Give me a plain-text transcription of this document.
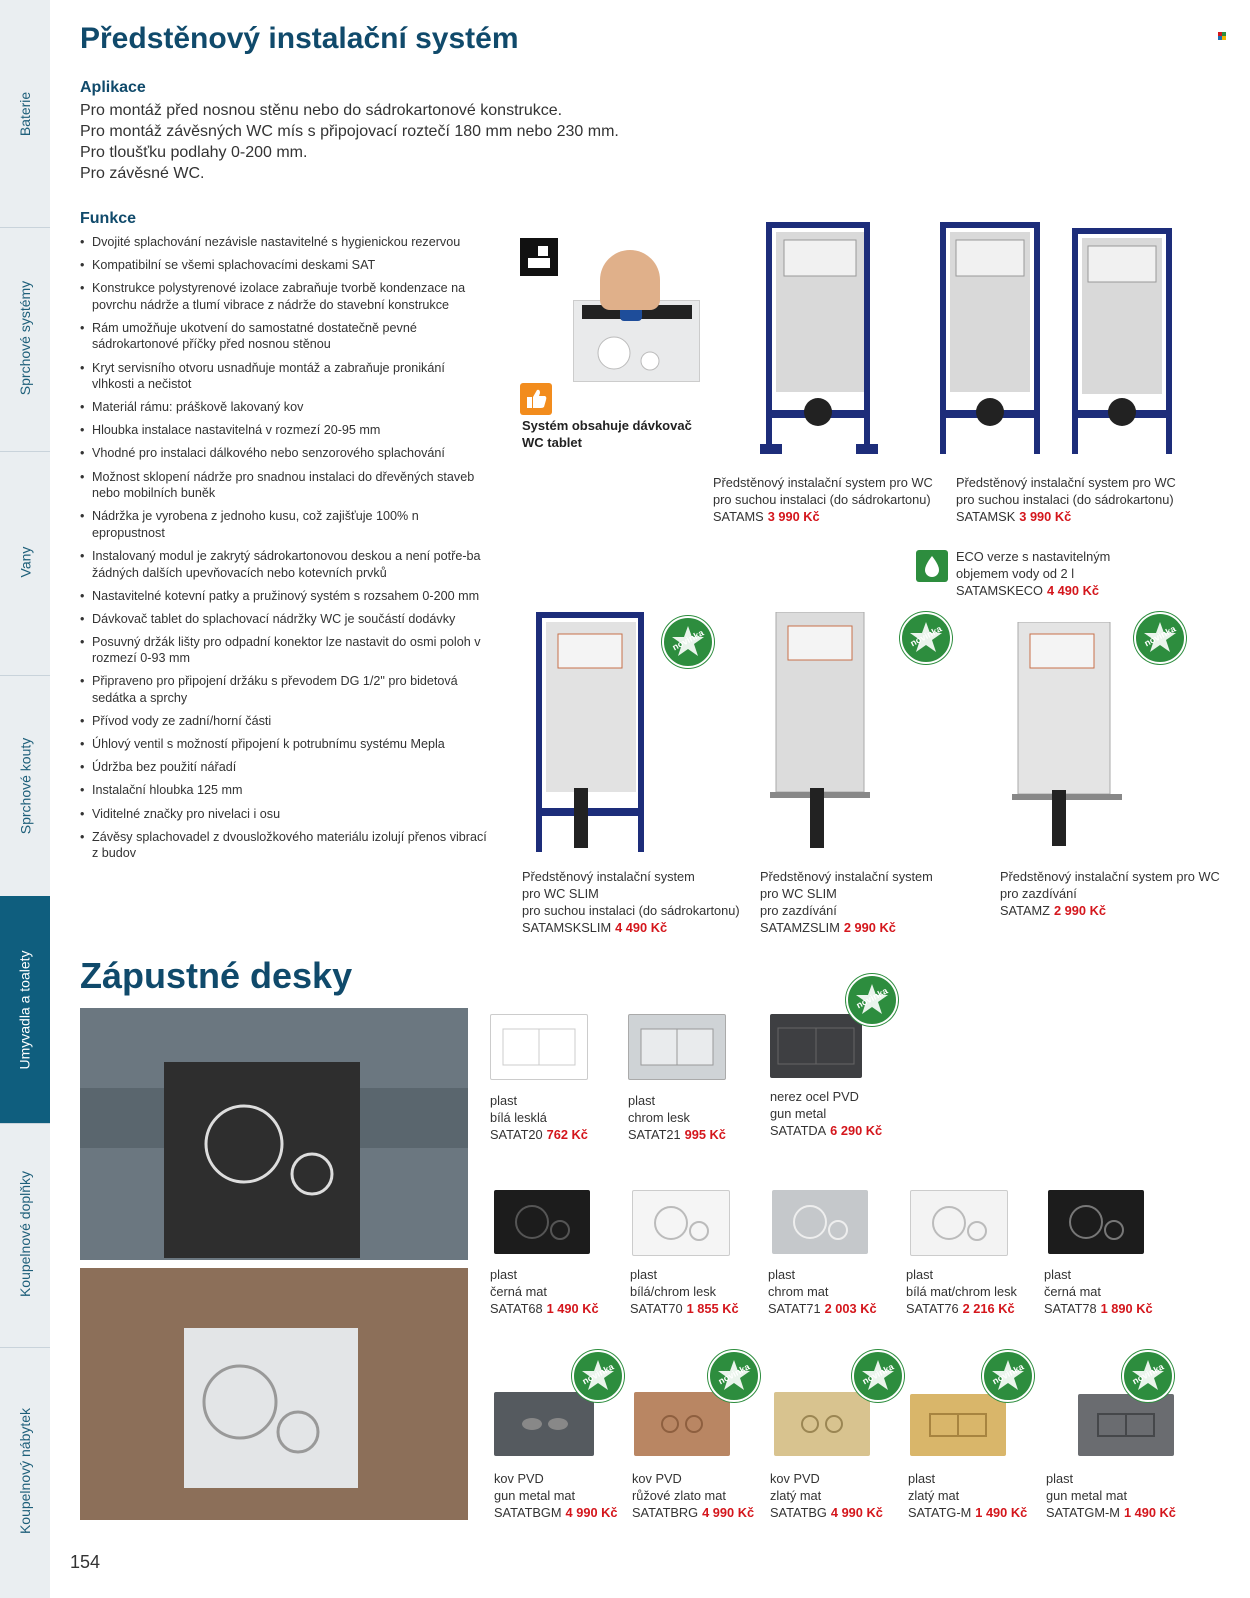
Baterie
Sprchové systémy
Vany
Sprchové kouty
Umyvadla a toalety
Koupelnové doplňky
Koupelnový nábytek
Předstěnový instalační systém
Aplikace
Pro montáž před nosnou stěnu nebo do sádrokartonové konstrukce.
Pro montáž závěsných WC mís s připojovací roztečí 180 mm nebo 230 mm.
Pro tloušťku podlahy 0-200 mm.
Pro závěsné WC.
Funkce
• Dvojité splachování nezávisle nastavitelné s hygienickou rezervou
• Kompatibilní se všemi splachovacími deskami SAT
• Konstrukce polystyrenové izolace zabraňuje tvorbě kondenzace na povrchu nádrže a tlumí vibrace z nádrže do stavební konstrukce
• Rám umožňuje ukotvení do samostatné dostatečně pevné sádrokartonové příčky před nosnou stěnou
• Kryt servisního otvoru usnadňuje montáž a zabraňuje pronikání vlhkosti a nečistot
• Materiál rámu: práškově lakovaný kov
• Hloubka instalace nastavitelná v rozmezí 20-95 mm
• Vhodné pro instalaci dálkového nebo senzorového splachování
• Možnost sklopení nádrže pro snadnou instalaci do dřevěných staveb nebo mobilních buněk
• Nádržka je vyrobena z jednoho kusu, což zajišťuje 100% n epropustnost
• Instalovaný modul je zakrytý sádrokartonovou deskou a není potře-ba žádných dalších upevňovacích nebo kotevních prvků
• Nastavitelné kotevní patky a pružinový systém s rozsahem 0-200 mm
• Dávkovač tablet do splachovací nádržky WC je součástí dodávky
• Posuvný držák lišty pro odpadní konektor lze nastavit do osmi poloh v rozmezí 0-93 mm
• Připraveno pro připojení držáku s převodem DG 1/2" pro bidetová sedátka a sprchy
• Přívod vody ze zadní/horní části
• Úhlový ventil s možností připojení k potrubnímu systému Mepla
• Údržba bez použití nářadí
• Instalační hloubka 125 mm
• Viditelné značky pro nivelaci i osu
• Závěsy splachovadel z dvousložkového materiálu izolují přenos vibrací z budov
Systém obsahuje dávkovač
WC tablet
Předstěnový instalační system pro WC
pro suchou instalaci (do sádrokartonu)
SATAMS 3 990 Kč
Předstěnový instalační system pro WC
pro suchou instalaci (do sádrokartonu)
SATAMSK 3 990 Kč
ECO verze s nastavitelným
objemem vody od 2 l
SATAMSKECO 4 490 Kč
novinka	novinka	novinka
Předstěnový instalační system
pro WC SLIM
pro suchou instalaci (do sádrokartonu)
SATAMSKSLIM 4 490 Kč
Předstěnový instalační system
pro WC SLIM
pro zazdívání
SATAMZSLIM 2 990 Kč
Předstěnový instalační system pro WC
pro zazdívání
SATAMZ 2 990 Kč
Zápustné desky
novinka
plast
bílá lesklá
SATAT20 762 Kč
plast
chrom lesk
SATAT21 995 Kč
nerez ocel PVD
gun metal
SATATDA 6 290 Kč
plast
černá mat
SATAT68 1 490 Kč
plast
bílá/chrom lesk
SATAT70 1 855 Kč
plast
chrom mat
SATAT71 2 003 Kč
plast
bílá mat/chrom lesk
SATAT76 2 216 Kč
plast
černá mat
SATAT78 1 890 Kč
novinka	novinka	novinka	novinka	novinka
kov PVD
gun metal mat
SATATBGM 4 990 Kč
kov PVD
růžové zlato mat
SATATBRG 4 990 Kč
kov PVD
zlatý mat
SATATBG 4 990 Kč
plast
zlatý mat
SATATG-M 1 490 Kč
plast
gun metal mat
SATATGM-M 1 490 Kč
154
